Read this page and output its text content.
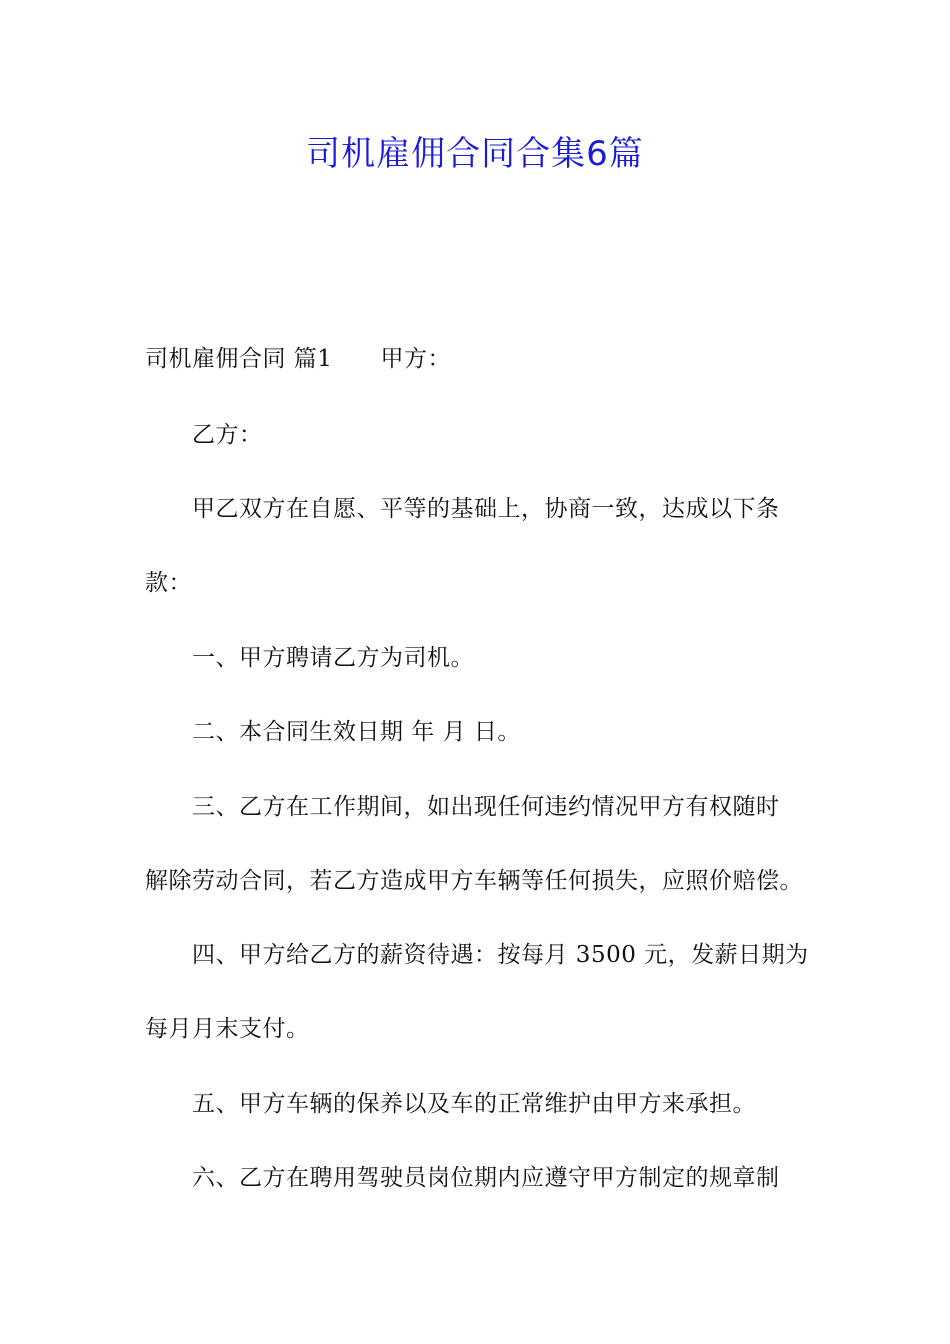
司机雇佣合同合集6篇

司机雇佣合同 篇1 甲方：

乙方：

甲乙双方在自愿、平等的基础上，协商一致，达成以下条

款：

一、甲方聘请乙方为司机。

二、本合同生效日期 年 月 日。

三、乙方在工作期间，如出现任何违约情况甲方有权随时

解除劳动合同，若乙方造成甲方车辆等任何损失，应照价赔偿。

四、甲方给乙方的薪资待遇：按每月 3500 元，发薪日期为

每月月末支付。

五、甲方车辆的保养以及车的正常维护由甲方来承担。

六、乙方在聘用驾驶员岗位期内应遵守甲方制定的规章制
